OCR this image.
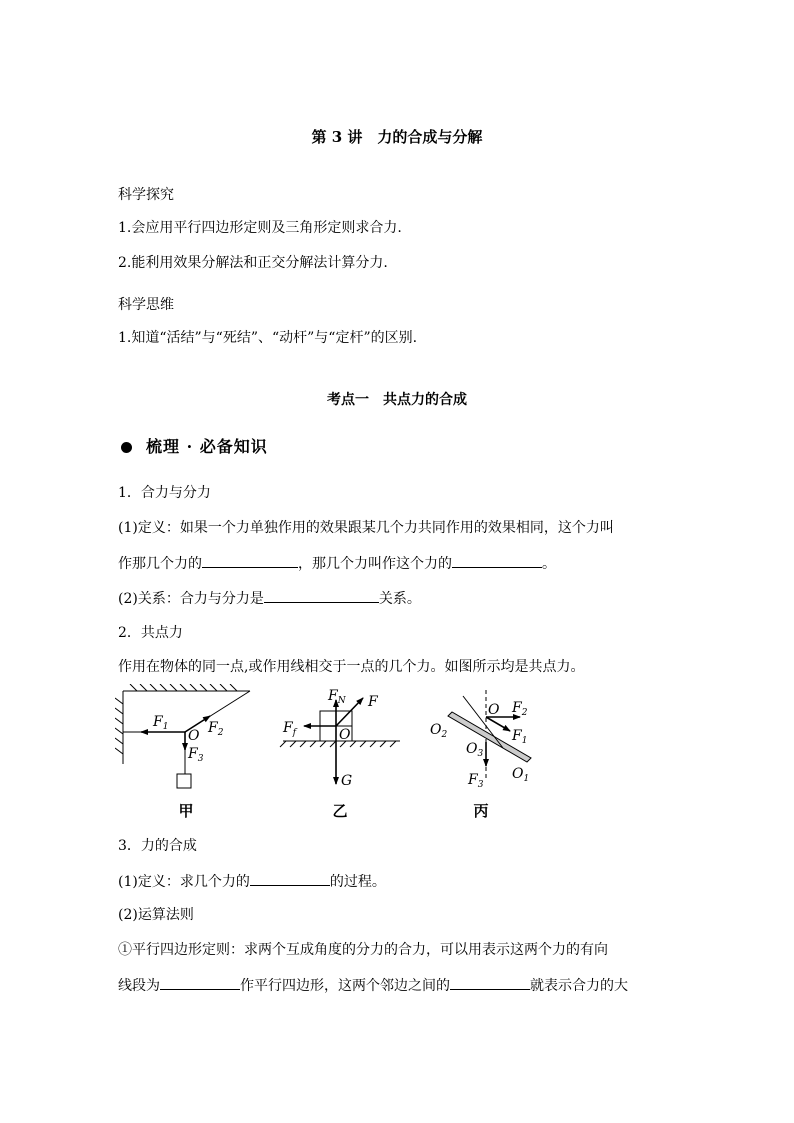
第 3 讲　力的合成与分解
科学探究
1.会应用平行四边形定则及三角形定则求合力.
2.能利用效果分解法和正交分解法计算分力.
科学思维
1.知道“活结”与“死结”、“动杆”与“定杆”的区别.
考点一　共点力的合成
梳理 · 必备知识
1．合力与分力
(1)定义：如果一个力单独作用的效果跟某几个力共同作用的效果相同，这个力叫
作那几个力的	，那几个力叫作这个力的	。
(2)关系：合力与分力是	关系。
2．共点力
作用在物体的同一点,或作用线相交于一点的几个力。如图所示均是共点力。
$F_1$	$F_2$
O
$F_3$
甲
$F_N$ F
$F_f$	O
G
乙
O $F_2$
$F_1$
$O_2$
$O_3$
$F_3$
$O_1$
丙
3．力的合成
(1)定义：求几个力的	的过程。
(2)运算法则
①平行四边形定则：求两个互成角度的分力的合力，可以用表示这两个力的有向
线段为	作平行四边形，这两个邻边之间的	就表示合力的大
